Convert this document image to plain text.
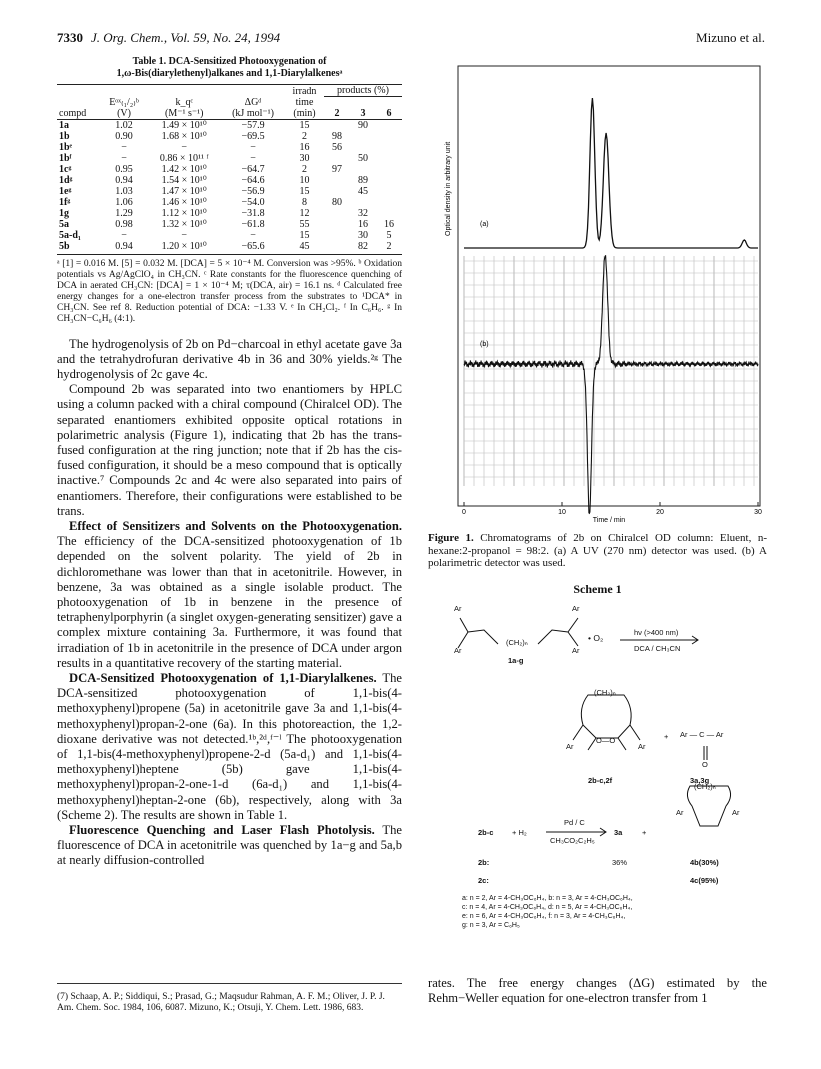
7330 J. Org. Chem., Vol. 59, No. 24, 1994	Mizuno et al.
Table 1. DCA-Sensitized Photooxygenation of
1,ω-Bis(diarylethenyl)alkanes and 1,1-Diarylalkenesᵃ
				irradn	products (%)		
	Eᵒˣ₍₁/₂₎ᵇ	k_qᶜ	ΔGᵈ	time			
compd	(V)	(M⁻¹ s⁻¹)	(kJ mol⁻¹)	(min)	2	3	6
1a	1.02	1.49 × 10¹⁰	−57.9	15		90	
1b	0.90	1.68 × 10¹⁰	−69.5	2	98		
1bᵉ	−	−	−	16	56		
1bᶠ	−	0.86 × 10¹¹ ᶠ	−	30		50	
1cᵍ	0.95	1.42 × 10¹⁰	−64.7	2	97		
1dᵍ	0.94	1.54 × 10¹⁰	−64.6	10		89	
1eᵍ	1.03	1.47 × 10¹⁰	−56.9	15		45	
1fᵍ	1.06	1.46 × 10¹⁰	−54.0	8	80		
1g	1.29	1.12 × 10¹⁰	−31.8	12		32	
5a	0.98	1.32 × 10¹⁰	−61.8	55		16	16
5a-d₁	−	−	−	15		30	5
5b	0.94	1.20 × 10¹⁰	−65.6	45		82	2
ᵃ [1] = 0.016 M. [5] = 0.032 M. [DCA] = 5 × 10⁻⁴ M. Conversion was >95%. ᵇ Oxidation potentials vs Ag/AgClO₄ in CH₃CN. ᶜ Rate constants for the fluorescence quenching of DCA in aerated CH₃CN: [DCA] = 1 × 10⁻⁴ M; τ(DCA, air) = 16.1 ns. ᵈ Calculated free energy changes for a one-electron transfer process from the substrates to ¹DCA* in CH₃CN. See ref 8. Reduction potential of DCA: −1.33 V. ᵉ In CH₂Cl₂. ᶠ In C₆H₆. ᵍ In CH₃CN−C₆H₆ (4:1).

The hydrogenolysis of 2b on Pd−charcoal in ethyl acetate gave 3a and the tetrahydrofuran derivative 4b in 36 and 30% yields.²ᵍ The hydrogenolysis of 2c gave 4c.

Compound 2b was separated into two enantiomers by HPLC using a column packed with a chiral compound (Chiralcel OD). The separated enantiomers exhibited opposite optical rotations in polarimetric analysis (Figure 1), indicating that 2b has the trans-fused configuration at the ring junction; note that if 2b has the cis-fused configuration, it should be a meso compound that is optically inactive.⁷ Compounds 2c and 4c were also separated into pairs of enantiomers. Therefore, their configurations were established to be trans.

Effect of Sensitizers and Solvents on the Photooxygenation. The efficiency of the DCA-sensitized photooxygenation of 1b depended on the solvent polarity. The yield of 2b in dichloromethane was lower than that in acetonitrile. However, in benzene, 3a was obtained as a single isolable product. The photooxygenation of 1b in benzene in the presence of tetraphenylporphyrin (a singlet oxygen-generating sensitizer) gave a complex mixture containing 3a. Furthermore, it was found that irradiation of 1b in acetonitrile in the presence of DCA under argon results in a quantitative recovery of the starting material.

DCA-Sensitized Photooxygenation of 1,1-Diarylalkenes. The DCA-sensitized photooxygenation of 1,1-bis(4-methoxyphenyl)propene (5a) in acetonitrile gave 3a and 1,1-bis(4-methoxyphenyl)propan-2-one (6a). In this photoreaction, the 1,2-dioxane derivative was not detected.¹ᵇ,²ᵈ,ᶠ⁻ˡ The photooxygenation of 1,1-bis(4-methoxyphenyl)propene-2-d (5a-d₁) and 1,1-bis(4-methoxyphenyl)heptene (5b) gave 1,1-bis(4-methoxyphenyl)propan-2-one-1-d (6a-d₁) and 1,1-bis(4-methoxyphenyl)heptan-2-one (6b), respectively, along with 3a (Scheme 2). The results are shown in Table 1.

Fluorescence Quenching and Laser Flash Photolysis. The fluorescence of DCA in acetonitrile was quenched by 1a−g and 5a,b at nearly diffusion-controlled

(7) Schaap, A. P.; Siddiqui, S.; Prasad, G.; Maqsudur Rahman, A. F. M.; Oliver, J. P. J. Am. Chem. Soc. 1984, 106, 6087. Mizuno, K.; Otsuji, Y. Chem. Lett. 1986, 683.
0	10	20	30
(a)
(b)
Optical density in arbitrary unit
Time / min
Figure 1. Chromatograms of 2b on Chiralcel OD column: Eluent, n-hexane:2-propanol = 98:2. (a) A UV (270 nm) detector was used. (b) A polarimetric detector was used.
Scheme 1
Ar
Ar
(CH₂)ₙ
Ar
Ar
• O₂
hν (>400 nm)
DCA / CH₃CN
1a-g
(CH₂)ₙ
Ar	Ar
O—O	+ Ar — C — Ar
O
2b-c,2f	3a,3g
2b-c + H₂
Pd / C
CH₃CO₂C₂H₅
3a	+
(CH₂)ₙ
Ar	Ar
2b:	36%	4b(30%)
2c:	4c(95%)
a: n = 2, Ar = 4-CH₃OC₆H₄, b: n = 3, Ar = 4-CH₃OC₆H₄,
c: n = 4, Ar = 4-CH₃OC₆H₄, d: n = 5, Ar = 4-CH₃OC₆H₄,
e: n = 6, Ar = 4-CH₃OC₆H₄, f: n = 3, Ar = 4-CH₃C₆H₄,
g: n = 3, Ar = C₆H₅
rates. The free energy changes (ΔG) estimated by the Rehm−Weller equation for one-electron transfer from 1
